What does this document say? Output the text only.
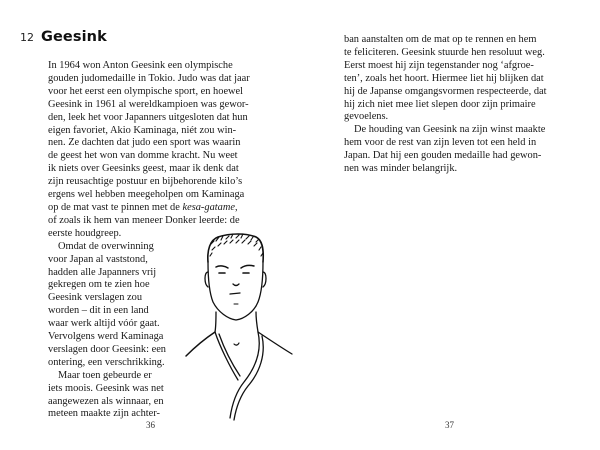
12 Geesink
In 1964 won Anton Geesink een olympische
gouden judomedaille in Tokio. Judo was dat jaar
voor het eerst een olympische sport, en hoewel
Geesink in 1961 al wereldkampioen was gewor-
den, leek het voor Japanners uitgesloten dat hun
eigen favoriet, Akio Kaminaga, niét zou win-
nen. Ze dachten dat judo een sport was waarin
de geest het won van domme kracht. Nu weet
ik niets over Geesinks geest, maar ik denk dat
zijn reusachtige postuur en bijbehorende kilo’s
ergens wel hebben meegeholpen om Kaminaga
op de mat vast te pinnen met de kesa-gatame,
of zoals ik hem van meneer Donker leerde: de
eerste houdgreep.
Omdat de overwinning
voor Japan al vaststond,
hadden alle Japanners vrij
gekregen om te zien hoe
Geesink verslagen zou
worden – dit in een land
waar werk altijd vóór gaat.
Vervolgens werd Kaminaga
verslagen door Geesink: een
ontering, een verschrikking.
Maar toen gebeurde er
iets moois. Geesink was net
aangewezen als winnaar, en
meteen maakte zijn achter-
36
ban aanstalten om de mat op te rennen en hem
te feliciteren. Geesink stuurde hen resoluut weg.
Eerst moest hij zijn tegenstander nog ‘afgroe-
ten’, zoals het hoort. Hiermee liet hij blijken dat
hij de Japanse omgangsvormen respecteerde, dat
hij zich niet mee liet slepen door zijn primaire
gevoelens.
De houding van Geesink na zijn winst maakte
hem voor de rest van zijn leven tot een held in
Japan. Dat hij een gouden medaille had gewon-
nen was minder belangrijk.
37
